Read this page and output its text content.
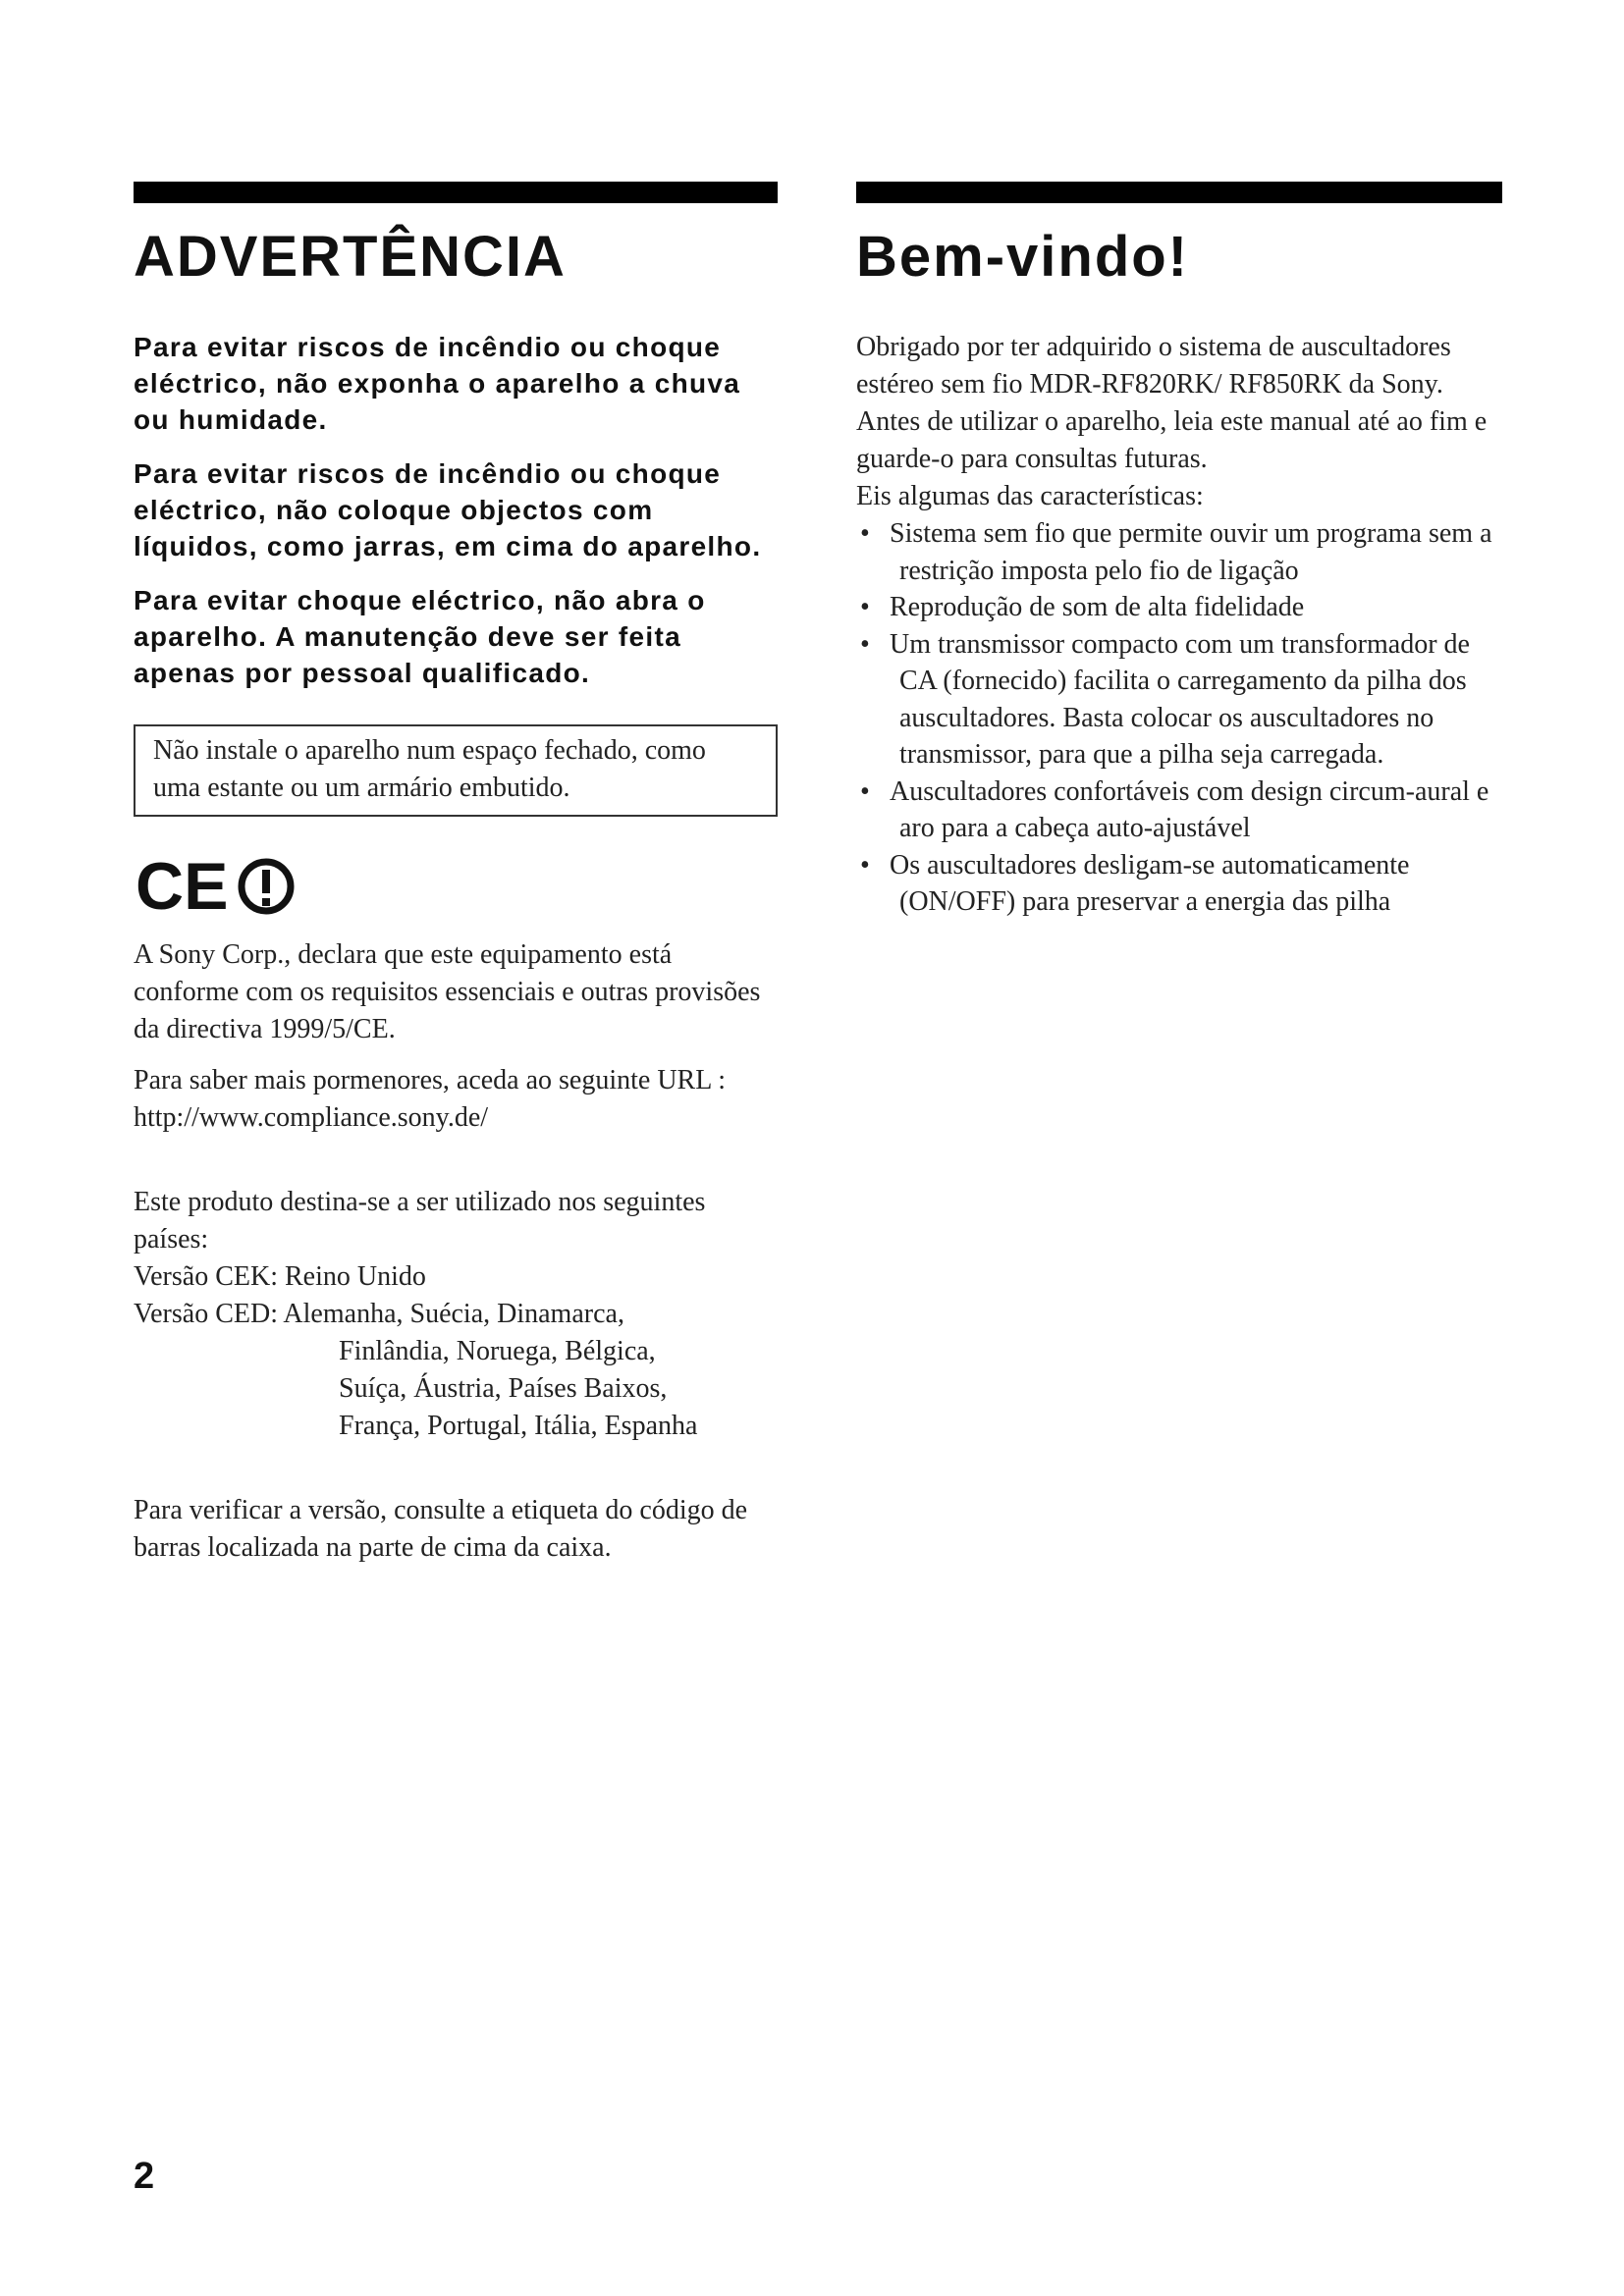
ADVERTÊNCIA

Para evitar riscos de incêndio ou choque eléctrico, não exponha o aparelho a chuva ou humidade.

Para evitar riscos de incêndio ou choque eléctrico, não coloque objectos com líquidos, como jarras, em cima do aparelho.

Para evitar choque eléctrico, não abra o aparelho. A manutenção deve ser feita apenas por pessoal qualificado.

Não instale o aparelho num espaço fechado, como uma estante ou um armário embutido.
CE

A Sony Corp., declara que este equipamento está conforme com os requisitos essenciais e outras provisões da directiva 1999/5/CE.

Para saber mais pormenores, aceda ao seguinte URL : http://www.compliance.sony.de/

Este produto destina-se a ser utilizado nos seguintes países:

Versão CEK: Reino Unido

Versão CED: Alemanha, Suécia, Dinamarca,

Finlândia, Noruega, Bélgica,

Suíça, Áustria, Países Baixos,

França, Portugal, Itália, Espanha

Para verificar a versão, consulte a etiqueta do código de barras localizada na parte de cima da caixa.

Bem-vindo!

Obrigado por ter adquirido o sistema de auscultadores estéreo sem fio MDR-RF820RK/ RF850RK da Sony. Antes de utilizar o aparelho, leia este manual até ao fim e guarde-o para consultas futuras.

Eis algumas das características:

• Sistema sem fio que permite ouvir um programa sem a restrição imposta pelo fio de ligação
• Reprodução de som de alta fidelidade
• Um transmissor compacto com um transformador de CA (fornecido) facilita o carregamento da pilha dos auscultadores. Basta colocar os auscultadores no transmissor, para que a pilha seja carregada.
• Auscultadores confortáveis com design circum-aural e aro para a cabeça auto-ajustável
• Os auscultadores desligam-se automaticamente (ON/OFF) para preservar a energia das pilha
2
